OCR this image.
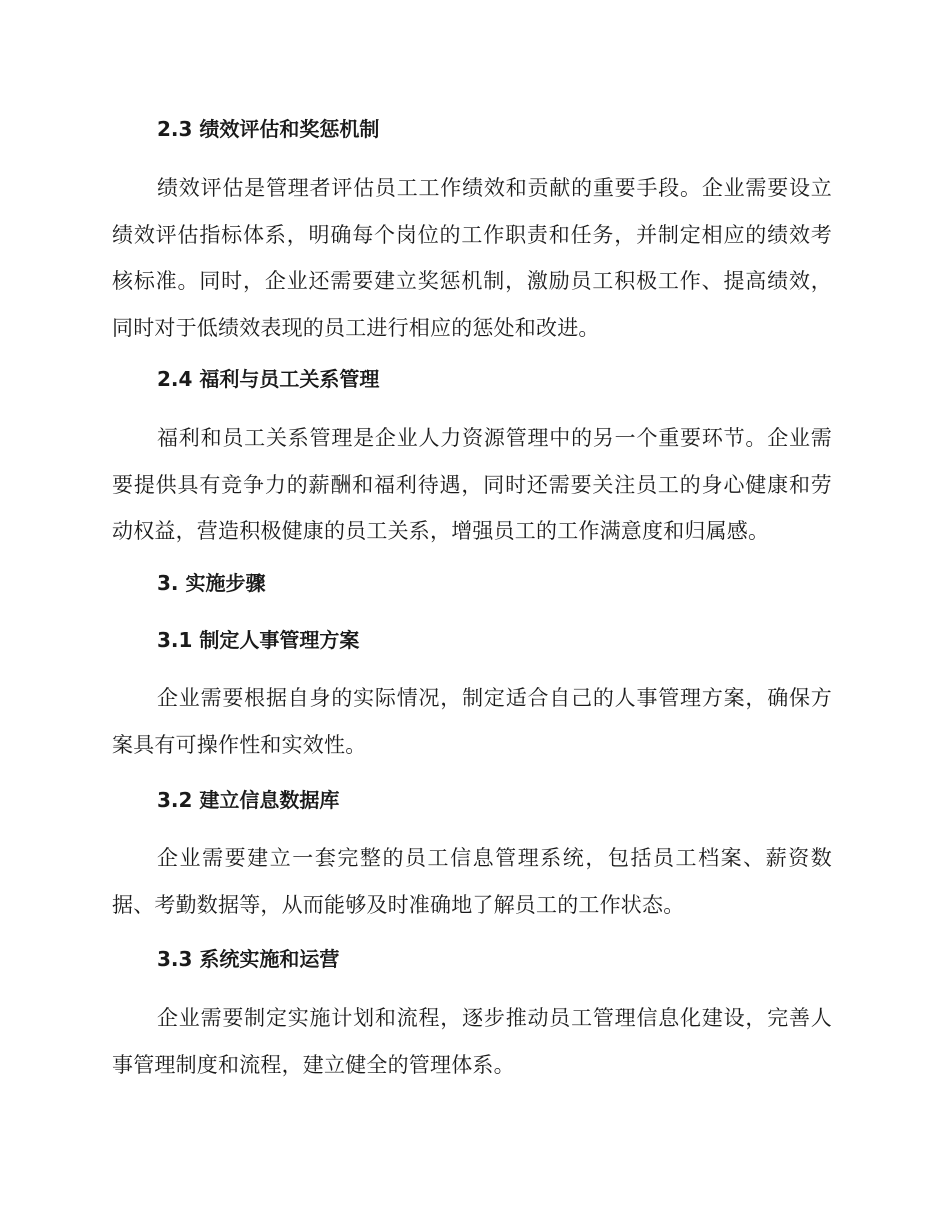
2.3 绩效评估和奖惩机制
绩效评估是管理者评估员工工作绩效和贡献的重要手段。企业需要设立绩效评估指标体系，明确每个岗位的工作职责和任务，并制定相应的绩效考核标准。同时，企业还需要建立奖惩机制，激励员工积极工作、提高绩效，同时对于低绩效表现的员工进行相应的惩处和改进。
2.4 福利与员工关系管理
福利和员工关系管理是企业人力资源管理中的另一个重要环节。企业需要提供具有竞争力的薪酬和福利待遇，同时还需要关注员工的身心健康和劳动权益，营造积极健康的员工关系，增强员工的工作满意度和归属感。
3. 实施步骤
3.1 制定人事管理方案
企业需要根据自身的实际情况，制定适合自己的人事管理方案，确保方案具有可操作性和实效性。
3.2 建立信息数据库
企业需要建立一套完整的员工信息管理系统，包括员工档案、薪资数据、考勤数据等，从而能够及时准确地了解员工的工作状态。
3.3 系统实施和运营
企业需要制定实施计划和流程，逐步推动员工管理信息化建设，完善人事管理制度和流程，建立健全的管理体系。
